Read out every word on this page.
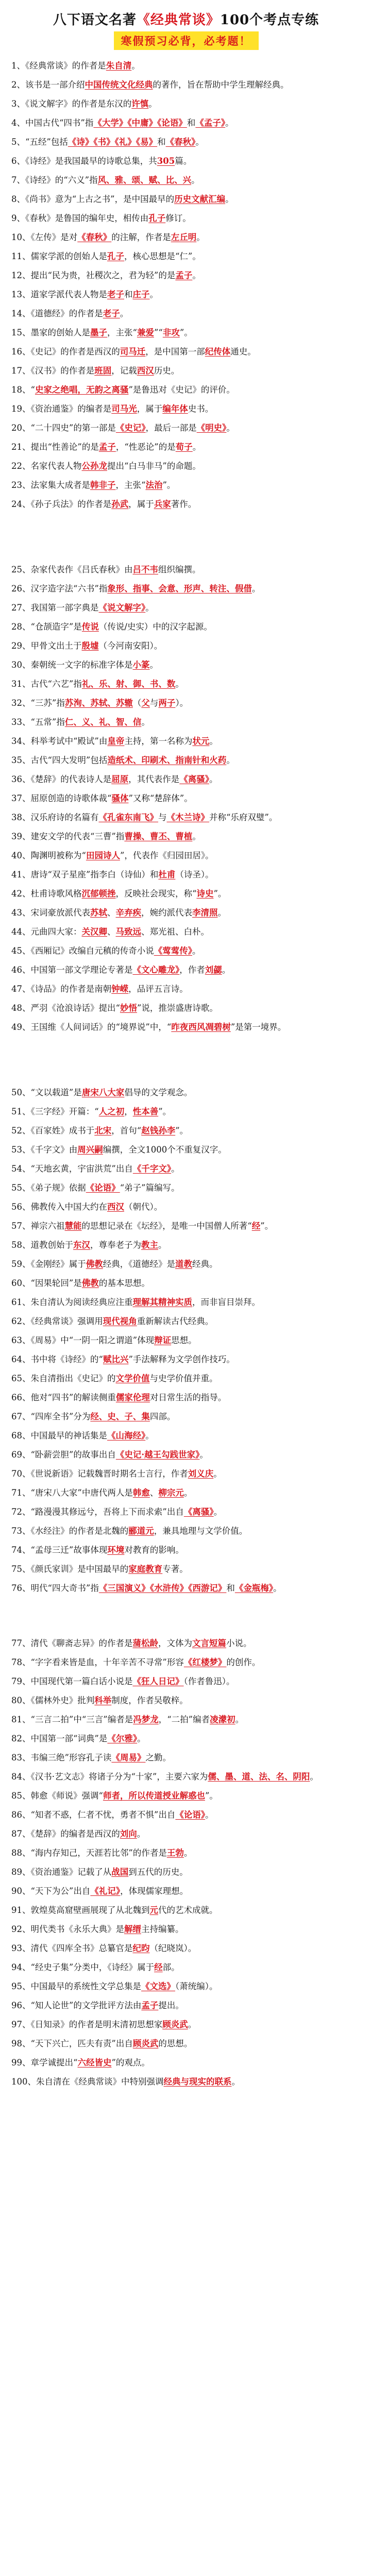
八下语文名著《经典常谈》100个考点专练
寒假预习必背，必考题！
1、《经典常谈》的作者是朱自清。
2、该书是一部介绍中国传统文化经典的著作，旨在帮助中学生理解经典。
3、《说文解字》的作者是东汉的许慎。
4、中国古代“四书”指《大学》《中庸》《论语》和《孟子》。
5、“五经”包括《诗》《书》《礼》《易》和《春秋》。
6、《诗经》是我国最早的诗歌总集，共305篇。
7、《诗经》的“六义”指风、雅、颂、赋、比、兴。
8、《尚书》意为“上古之书”，是中国最早的历史文献汇编。
9、《春秋》是鲁国的编年史，相传由孔子修订。
10、《左传》是对《春秋》的注解，作者是左丘明。
11、儒家学派的创始人是孔子，核心思想是“仁”。
12、提出“民为贵，社稷次之，君为轻”的是孟子。
13、道家学派代表人物是老子和庄子。
14、《道德经》的作者是老子。
15、墨家的创始人是墨子，主张“兼爱”“非攻”。
16、《史记》的作者是西汉的司马迁，是中国第一部纪传体通史。
17、《汉书》的作者是班固，记载西汉历史。
18、“史家之绝唱，无韵之离骚”是鲁迅对《史记》的评价。
19、《资治通鉴》的编者是司马光，属于编年体史书。
20、“二十四史”的第一部是《史记》，最后一部是《明史》。
21、提出“性善论”的是孟子，“性恶论”的是荀子。
22、名家代表人物公孙龙提出“白马非马”的命题。
23、法家集大成者是韩非子，主张“法治”。
24、《孙子兵法》的作者是孙武，属于兵家著作。
25、杂家代表作《吕氏春秋》由吕不韦组织编撰。
26、汉字造字法“六书”指象形、指事、会意、形声、转注、假借。
27、我国第一部字典是《说文解字》。
28、“仓颉造字”是传说（传说/史实）中的汉字起源。
29、甲骨文出土于殷墟（今河南安阳）。
30、秦朝统一文字的标准字体是小篆。
31、古代“六艺”指礼、乐、射、御、书、数。
32、“三苏”指苏洵、苏轼、苏辙（父与两子）。
33、“五常”指仁、义、礼、智、信。
34、科举考试中“殿试”由皇帝主持，第一名称为状元。
35、古代“四大发明”包括造纸术、印刷术、指南针和火药。
36、《楚辞》的代表诗人是屈原，其代表作是《离骚》。
37、屈原创造的诗歌体裁“骚体”又称“楚辞体”。
38、汉乐府诗的名篇有《孔雀东南飞》与《木兰诗》并称“乐府双璧”。
39、建安文学的代表“三曹”指曹操、曹丕、曹植。
40、陶渊明被称为“田园诗人”，代表作《归园田居》。
41、唐诗“双子星座”指李白（诗仙）和杜甫（诗圣）。
42、杜甫诗歌风格沉郁顿挫，反映社会现实，称“诗史”。
43、宋词豪放派代表苏轼、辛弃疾，婉约派代表李清照。
44、元曲四大家：关汉卿、马致远、郑光祖、白朴。
45、《西厢记》改编自元稹的传奇小说《莺莺传》。
46、中国第一部文学理论专著是《文心雕龙》，作者刘勰。
47、《诗品》的作者是南朝钟嵘，品评五言诗。
48、严羽《沧浪诗话》提出“妙悟”说，推崇盛唐诗歌。
49、王国维《人间词话》的“境界说”中，“昨夜西风凋碧树”是第一境界。
50、“文以载道”是唐宋八大家倡导的文学观念。
51、《三字经》开篇：“人之初，性本善”。
52、《百家姓》成书于北宋，首句“赵钱孙李”。
53、《千字文》由周兴嗣编撰，全文1000个不重复汉字。
54、“天地玄黄，宇宙洪荒”出自《千字文》。
55、《弟子规》依据《论语》“弟子”篇编写。
56、佛教传入中国大约在西汉（朝代）。
57、禅宗六祖慧能的思想记录在《坛经》，是唯一中国僧人所著“经”。
58、道教创始于东汉，尊奉老子为教主。
59、《金刚经》属于佛教经典，《道德经》是道教经典。
60、“因果轮回”是佛教的基本思想。
61、朱自清认为阅读经典应注重理解其精神实质，而非盲目崇拜。
62、《经典常谈》强调用现代视角重新解读古代经典。
63、《周易》中“一阴一阳之谓道”体现辩证思想。
64、书中将《诗经》的“赋比兴”手法解释为文学创作技巧。
65、朱自清指出《史记》的文学价值与史学价值并重。
66、他对“四书”的解读侧重儒家伦理对日常生活的指导。
67、“四库全书”分为经、史、子、集四部。
68、中国最早的神话集是《山海经》。
69、“卧薪尝胆”的故事出自《史记·越王勾践世家》。
70、《世说新语》记载魏晋时期名士言行，作者刘义庆。
71、“唐宋八大家”中唐代两人是韩愈、柳宗元。
72、“路漫漫其修远兮，吾将上下而求索”出自《离骚》。
73、《水经注》的作者是北魏的郦道元，兼具地理与文学价值。
74、“孟母三迁”故事体现环境对教育的影响。
75、《颜氏家训》是中国最早的家庭教育专著。
76、明代“四大奇书”指《三国演义》《水浒传》《西游记》和《金瓶梅》。
77、清代《聊斋志异》的作者是蒲松龄，文体为文言短篇小说。
78、“字字看来皆是血，十年辛苦不寻常”形容《红楼梦》的创作。
79、中国现代第一篇白话小说是《狂人日记》（作者鲁迅）。
80、《儒林外史》批判科举制度，作者吴敬梓。
81、“三言二拍”中“三言”编者是冯梦龙，“二拍”编者凌濛初。
82、中国第一部“词典”是《尔雅》。
83、韦编三绝”形容孔子读《周易》之勤。
84、《汉书·艺文志》将诸子分为“十家”，主要六家为儒、墨、道、法、名、阴阳。
85、韩愈《师说》强调“师者，所以传道授业解惑也”。
86、“知者不惑，仁者不忧，勇者不惧”出自《论语》。
87、《楚辞》的编者是西汉的刘向。
88、“海内存知己，天涯若比邻”的作者是王勃。
89、《资治通鉴》记载了从战国到五代的历史。
90、“天下为公”出自《礼记》，体现儒家理想。
91、敦煌莫高窟壁画展现了从北魏到元代的艺术成就。
92、明代类书《永乐大典》是解缙主持编纂。
93、清代《四库全书》总纂官是纪昀（纪晓岚）。
94、“经史子集”分类中，《诗经》属于经部。
95、中国最早的系统性文学总集是《文选》（萧统编）。
96、“知人论世”的文学批评方法由孟子提出。
97、《日知录》的作者是明末清初思想家顾炎武。
98、“天下兴亡，匹夫有责”出自顾炎武的思想。
99、章学诚提出“六经皆史”的观点。
100、朱自清在《经典常谈》中特别强调经典与现实的联系。
